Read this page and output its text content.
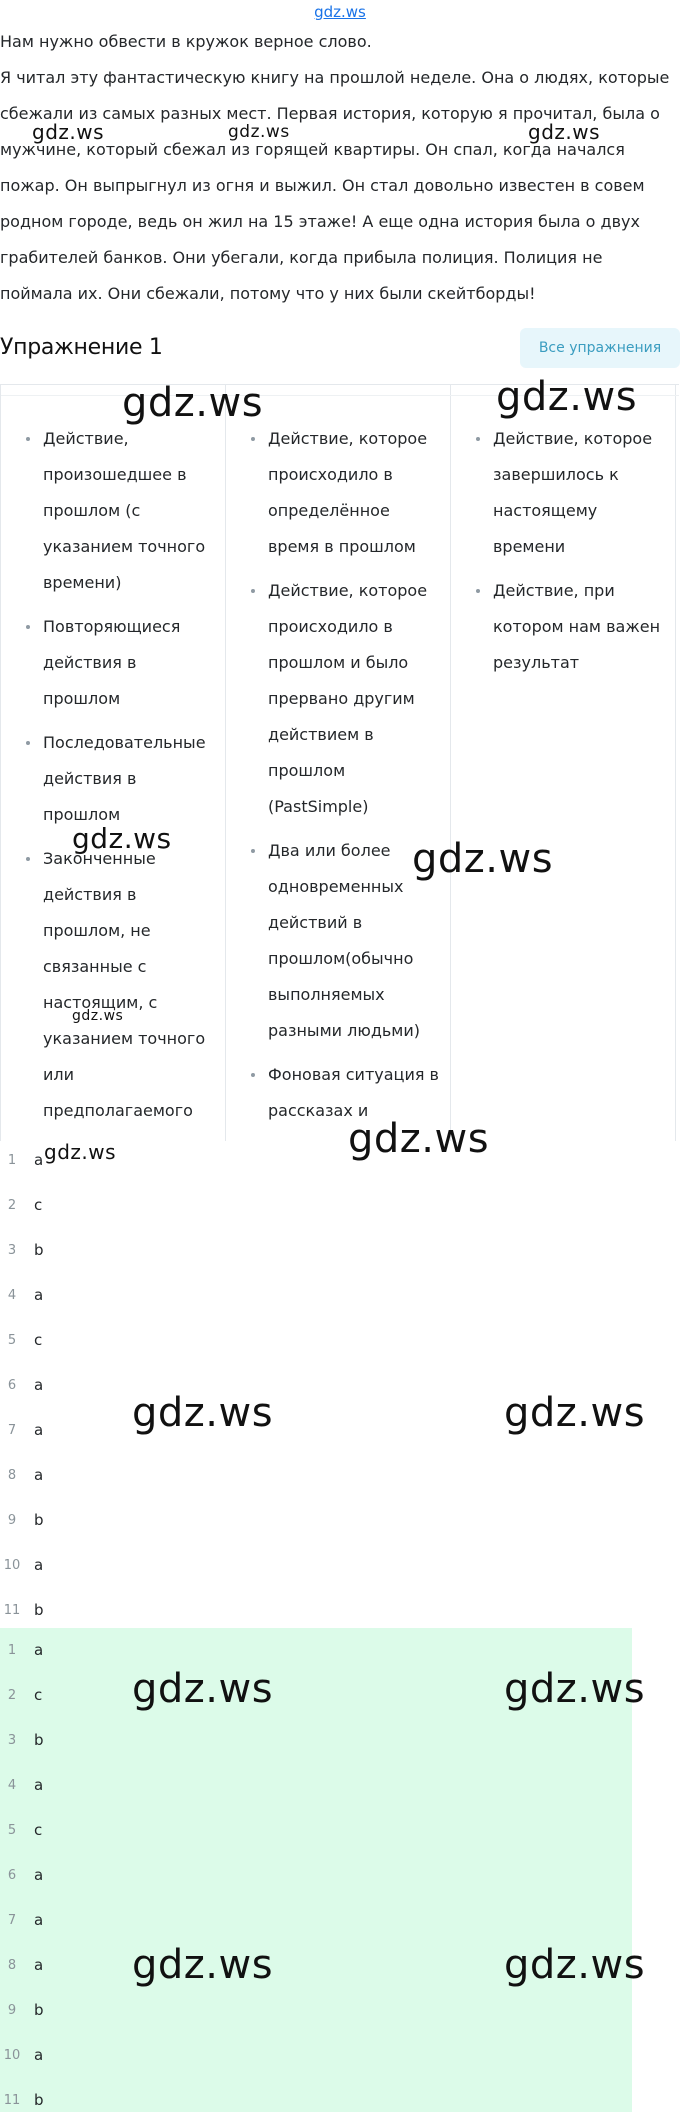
gdz.ws

Нам нужно обвести в кружок верное слово.

Я читал эту фантастическую книгу на прошлой неделе. Она о людях, которые сбежали из самых разных мест. Первая история, которую я прочитал, была о мужчине, который сбежал из горящей квартиры. Он спал, когда начался пожар. Он выпрыгнул из огня и выжил. Он стал довольно известен в совем родном городе, ведь он жил на 15 этаже! А еще одна история была о двух грабителей банков. Они убегали, когда прибыла полиция. Полиция не поймала их. Они сбежали, потому что у них были скейтборды!

Упражнение 1	Все упражнения
Действие, произошедшее в прошлом (с указанием точного времени)
Повторяющиеся действия в прошлом
Последовательные действия в прошлом
Законченные действия в прошлом, не связанные с настоящим, с указанием точного или предполагаемого
Действие, которое происходило в определённое время в прошлом
Действие, которое происходило в прошлом и было прервано другим действием в прошлом (PastSimple)
Два или более одновременных действий в прошлом(обычно выполняемых разными людьми)
Фоновая ситуация в рассказах и
Действие, которое завершилось к настоящему времени
Действие, при котором нам важен результат
1	a
2	c
3	b
4	a
5	c
6	a
7	a
8	a
9	b
10 a
11 b
1	a
2	c
3	b
4	a
5	c
6	a
7	a
8	a
9	b
10 a
11 b
gdz.ws	gdz.ws	gdz.ws
gdz.ws	gdz.ws
gdz.ws
gdz.ws
gdz.ws
gdz.ws
gdz.ws
gdz.ws	gdz.ws
gdz.ws	gdz.ws
gdz.ws	gdz.ws
